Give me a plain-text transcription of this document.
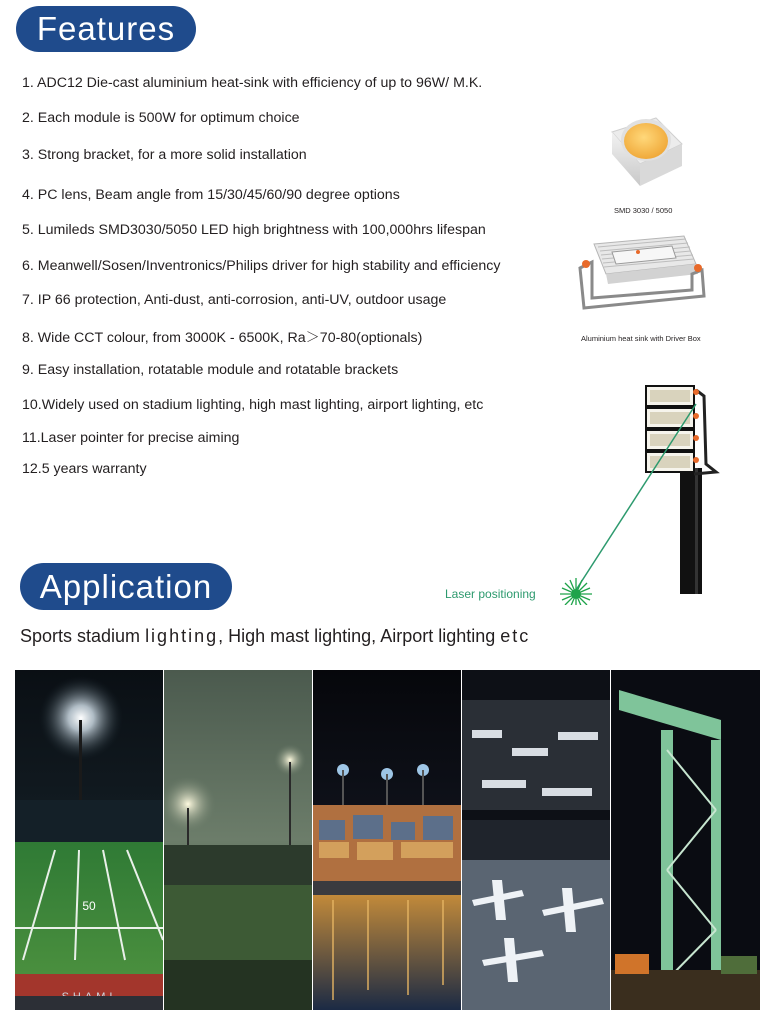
Features
1. ADC12 Die-cast aluminium heat-sink with efficiency of up to 96W/ M.K.
2. Each module is 500W for optimum choice
3. Strong bracket, for a more solid installation
4. PC lens, Beam angle from 15/30/45/60/90 degree options
5. Lumileds SMD3030/5050 LED high brightness with 100,000hrs lifespan
6. Meanwell/Sosen/Inventronics/Philips driver for high stability and efficiency
7. IP 66 protection, Anti-dust, anti-corrosion, anti-UV, outdoor usage
8. Wide CCT colour, from 3000K - 6500K, Ra＞70-80(optionals)
9. Easy installation, rotatable module and rotatable brackets
10.Widely used on stadium lighting, high mast lighting, airport lighting, etc
11.Laser pointer for precise aiming
12.5 years warranty
SMD 3030 / 5050
Aluminium heat sink with Driver Box
Laser positioning
Application
Sports stadium lighting, High mast lighting, Airport lighting etc
50
